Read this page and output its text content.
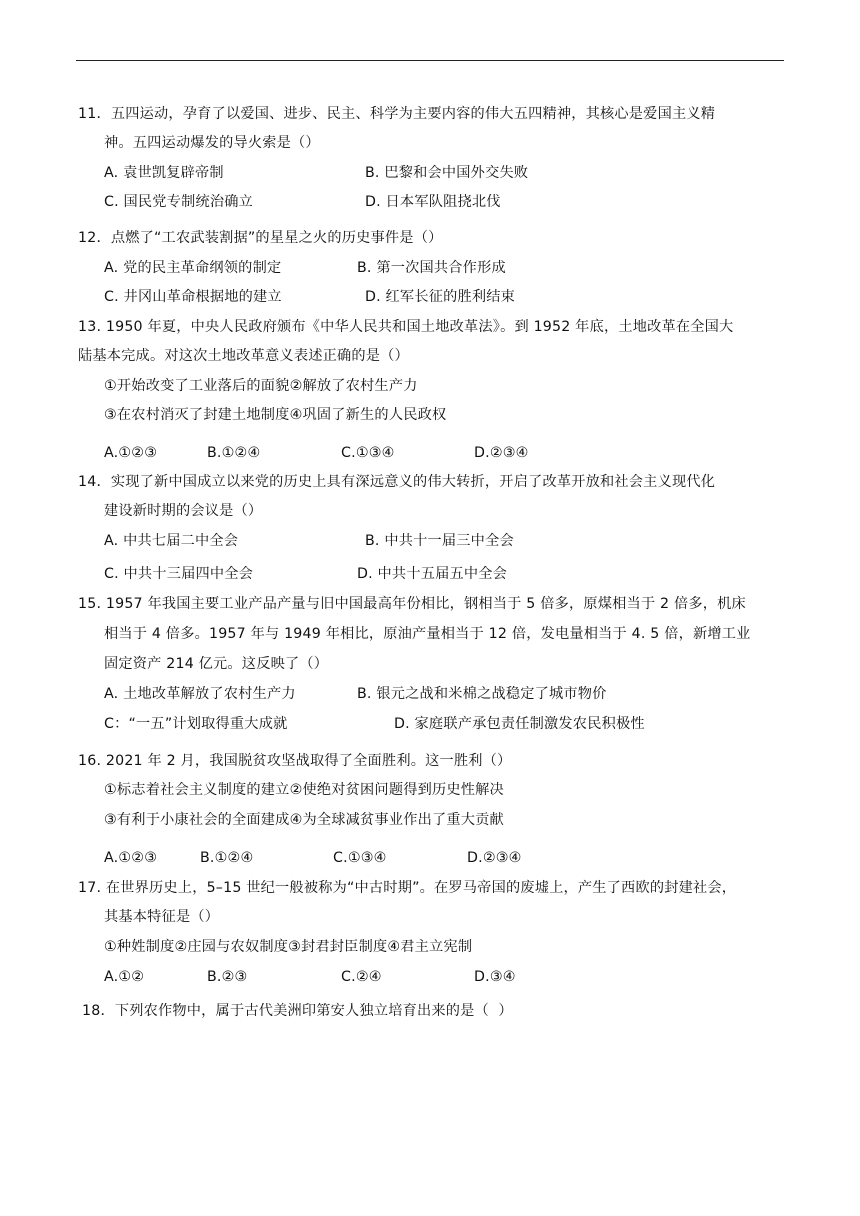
11．五四运动，孕育了以爱国、进步、民主、科学为主要内容的伟大五四精神，其核心是爱国主义精
神。五四运动爆发的导火索是（）
A. 袁世凯复辟帝制	B. 巴黎和会中国外交失败
C. 国民党专制统治确立	D. 日本军队阻挠北伐
12．点燃了“工农武装割据”的星星之火的历史事件是（）
A. 党的民主革命纲领的制定	B. 第一次国共合作形成
C. 井冈山革命根据地的建立	D. 红军长征的胜利结束
13. 1950 年夏，中央人民政府颁布《中华人民共和国土地改革法》。到 1952 年底，土地改革在全国大
陆基本完成。对这次土地改革意义表述正确的是（）
①开始改变了工业落后的面貌②解放了农村生产力
③在农村消灭了封建土地制度④巩固了新生的人民政权
A.①②③	B.①②④	C.①③④	D.②③④
14．实现了新中国成立以来党的历史上具有深远意义的伟大转折，开启了改革开放和社会主义现代化
建设新时期的会议是（）
A. 中共七届二中全会	B. 中共十一届三中全会
C. 中共十三届四中全会	D. 中共十五届五中全会
15. 1957 年我国主要工业产品产量与旧中国最高年份相比，钢相当于 5 倍多，原煤相当于 2 倍多，机床
相当于 4 倍多。1957 年与 1949 年相比，原油产量相当于 12 倍，发电量相当于 4. 5 倍，新增工业
固定资产 214 亿元。这反映了（）
A. 土地改革解放了农村生产力	B. 银元之战和米棉之战稳定了城市物价
C：“一五”计划取得重大成就	D. 家庭联产承包责任制激发农民积极性
16. 2021 年 2 月，我国脱贫攻坚战取得了全面胜利。这一胜利（）
①标志着社会主义制度的建立②使绝对贫困问题得到历史性解决
③有利于小康社会的全面建成④为全球减贫事业作出了重大贡献
A.①②③	B.①②④	C.①③④	D.②③④
17. 在世界历史上，5–15 世纪一般被称为“中古时期”。在罗马帝国的废墟上，产生了西欧的封建社会，
其基本特征是（）
①种姓制度②庄园与农奴制度③封君封臣制度④君主立宪制
A.①②	B.②③	C.②④	D.③④
18．下列农作物中，属于古代美洲印第安人独立培育出来的是（  ）
